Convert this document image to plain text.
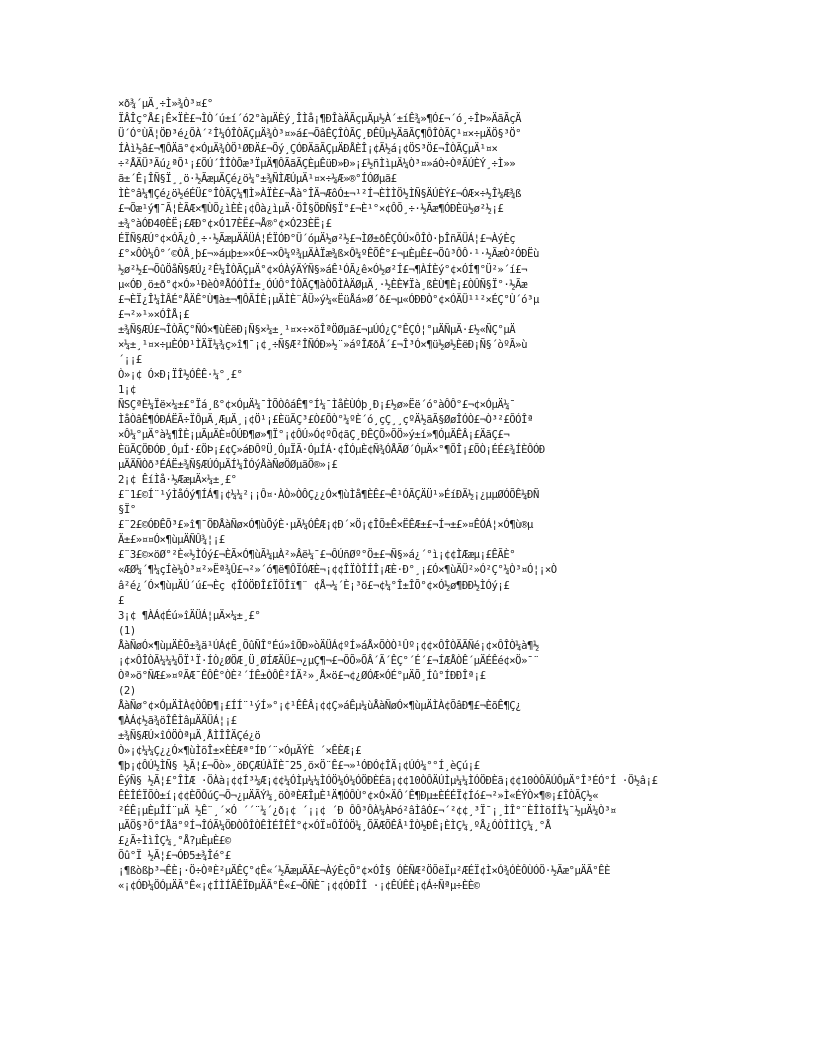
×ð¾´µÄ¸÷Ì»¾Ò³¤£°
ÏÂÎç°Å£¡Ê×ÏÈ£¬ÎÒ´ú±í´ó2°àµÄÈý¸ÎÌå¡¶ÐÎàÄÃçµÄµ½À´±íÊ¾»¶Ó£¬´ó¸÷ÎÞ»ÄãÃçÄ
Ü´Ó°ÙÃ¦ÖÐ³é¿ÕÀ´²Î¼ÓÎÒÃÇµÄ¾Ò³¤»á£¬ÕâÊÇÎÒÃÇ¸ÐÊÜµ½ÄãÃÇ¶ÔÎÒÃÇ¹¤×÷µÄÖ§³Ö°
ÍÀì½â£¬¶ÔÄã°¢×ÓµÄ¾ÒÖ¹ØÐÄ£¬Õý¸ÇÓÐÄãÃÇµÄÐÅÈÎ¡¢Ã½á¡¢ÖS³Ö£¬ÎÒÃÇµÄ¹¤×
÷²ÅÄÜ³Ãú¿ªÕ¹¡£ÕÚ´ÎÎÒÕæ³ÏµÄ¶ÔÃãÃÇÈµÊüÐ»Ð»¡£½ñÌìµÄ¼Ò³¤»áÒ÷ÒªÄÚÈÝ¸÷Ì»»
ã±´Ê¡ÎÑ§Ï¸¸ö·½ÃæµÄÇé¿ö¼°±¾ÑÌÆÚµÄ¹¤×÷¼Æ»®°ÍÓØµã£
ÌÈ°â¼¶Çé¿ö½éÉÜ£°ÎÒÃÇ¼¶Ì»ÀÏÈ£¬Åà°ÎÄ¬ÆôÓ±¬¹²Í¬ÈÌÌÖ½ÌÑ§ÄÚÈÝ£¬ÓÆ×÷½Î¼Æ¾ß
£¬Õæ¹ý¶¯Ã¦ÈÃÆ×¶ÙÕ¿ìÈÈ¡¢Ôà¿ìµÄ·ÕÎ§ÖÐÑ§Ï°£¬È¹°×¢ÔÕ¸÷·½Ãæ¶ÓÐÈü½ø²½¡£
±¾°àÓÐ40ÈË¡£ÆÐ°¢×Ó17ÈË£¬Å®°¢×Ó23ÈË¡£
ÉÏÑ§ÆÚ°¢×ÓÃ¿Ò¸÷·½ÃæµÄÄÜÁ¦ÉÏÓÐ°Ü´óµÄ½ø²½£¬ÌØ±ðÊÇÔÚ×ÔÎÒ·þÎñÄÜÁ¦£¬ÀýÈç
£°×ÔÒ¼Ô°´©ÒÂ¸þ£¬»áµþ±»×Ó£¬×Ô¼º¾µÄÀÏæ¾ß×Ô¼ºÊÕÊ°£¬µÈµÈ£¬Õû³ÔÔ·¹·½ÃæÒ²ÓÐËù
½ø²½£¬ÕûÖåÑ§ÆÚ¿²Ê¼ÎÒÃÇµÄ°¢×ÓÀýÄÝÑ§»áÊ¹ÓÃ¿ê×Ó½ø²Í£¬¶ÀÍÈý°¢×ÓÍ¶°Ü²»´í£¬
µ«ÓÐ¸ö±ð°¢×Ó»¹ÐèÒªÅÓÓÎÍ±¸ÓÚÔ°ÎÒÃÇ¶àÒÕÌÀÄØµÄ¸·½ÈÈ¥Ïà¸ßÈÙ¶È¡£ÒÛÑ§Ï°·½Ãæ
£¬ÈÏ¿Î¼ÌÂÉ°ÅÄÊ°Ù¶à±¬¶ÔÃÍÈ¡µÄÌÈ¨ÂÜ»ý¼«ËüÅá»Ø´ð£¬µ«ÓÐÐÒ°¢×ÓÄÜ¹¹²×ÉÇ°Ù´ó³µ
£¬²»¹»×ÓÎÅ¡£
±¾Ñ§ÆÚ£¬ÎÒÃÇ°ÑÓ×¶ùÈëÐ¡Ñ§×¼±¸¹¤×÷×öÎªÖØµã£¬µÚÓ¿Ç°ÊÇÓ¦°µÄÑµÄ·£½«ÑÇ°µÄ
×¼±¸¹¤×÷µÈÓÐ¹ÌÄÏ¼¾ç»î¶¯¡¢¸÷Ñ§Æ²ÎÑÓÐ»½¨»áºÎÆðÂ´£¬Î³Ó×¶ü½ø½ÈëÐ¡Ñ§´òºÃ»ù
´¡¡£
Ò»¡¢ Ó×Ð¡ÏÎ½ÓÊÊ·¼°¸£°
1¡¢
ÑSÇªÈ¼Ïë×¼±£°Ïá¸ß°¢×ÓµÄ¼¯ÌÕÒôáÊ¶°Í¼¯ÌåÈÙÓþ¸Ð¡£½ø»Ëë´ó°àÔÔ°£¬¢×ÓµÄ¼¯
ÌåÒâÊ¶ÓÐÁËÃ÷ÏÔµÄ¸ÆµÄ¸¡¢Ö¹¡£ÈüÃÇ³£Ò£ÕÒ°¼ºÈ´ó¸çÇ¸¸çºÄ½ãÃ§ØøÎÓÒ£¬Ò³²£ÕÓÎª
×Ô¼°µÄ°à¼¶ÎÈ¡µÃµÄÈ¤ÔÚÐ¶ø»¶Ï°¡¢ÔÚ»Ó¢ºÕ¢ãÇ¸ÐÊÇÕ»ÕÖ»ý±í»¶ÓµÄÊÂ¡£ÄãÇ£¬
ÈüÃÇÖÐÓÐ¸ÓµÍ·£ÖÞ¡£¢Ç»áÐÔºÜ¸ÓµÏÃ·ÓµÍÁ·¢ÎÓµÈ¢Ñ¾ÓÅÃØ´ÓµÄ×°¶ÕÎ¡£ÕÒ¡ÉÉ£¾ÍÈÔÓÐ
µÄÄÑÒð³ÉÁË±¾Ñ§ÆÚÓµÄÍ¼ÎÓýÅàÑøÖØµãÖ®»¡£
2¡¢ ÊíÌå·½ÆæµÄ×¼±¸£°
£¨1£©Í¨¹ýÌåÓý¶ÍÁ¶¡¢¼¼²¡¡Ô¤·ÀÒ»ÒÔÇ¿¿Ó×¶ùÌå¶ÈÊ£¬Ê¹ÓÃÇÄÜ¹»ÉíÐÄ½¡¿µµØÓÕÊ¼ÐÑ
§Ï°
£¨2£©ÓÐÊÕ³£»î¶¯ÖÐÅàÑø×Ó¶ùÕýÈ·µÄ¼ÓÊÆ¡¢Ð´×Ö¡¢ÎÕ±Ê×ËÊÆ±£¬Í¬±£»¤ÊÓÁ¦×Ó¶ù®µ
Ä±£»¤¤Ó×¶ùµÄÑÛ¾¦¡£
£¨3£©×öØ°²È«½ÌÓý£¬ÈÃ×Ó¶ùÃ¼µÀ²»Âë¼¯£¬ÔÚñØº°Ö±£¬Ñ§»á¿´°ì¡¢¢ÌÆæµ¡£ÊÃÈ°
«ÆØ¼´¶¼çÍè¼Ò³¤²»Ëª¾Û£¬²»´ó¶ë¶ÔÏÓÆÈ¬¡¢¢ÎÏÒÎÍÎ¡ÆÈ·Ð°¸¡£Ó×¶ùÄÜ²»Ó²Ç°¼Ò³¤Ó¦¡×Ò
â²é¿´Ó×¶ùµÄÚ´ú£¬Èç ¢ÎÓÖÐÎ£ÏÕÎï¶¨ ¢Å¬¼´È¡³ö£¬¢¼°Î±ÎÕ°¢×Ó½ø¶ÐÐ½ÌÓý¡£
£
3¡¢ ¶ÀÁ¢Éú»îÄÜÁ¦µÄ×¼±¸£°
(1)
ÅàÑøÓ×¶ùµÄÈÕ±¾ä¹ÚÁ¢Ê¸ÕûÑÎ°Éú»îÕÐ»òÄÜÁ¢ºÍ»áÅ×ÕÒÒ¹Ûº¡¢¢×ÔÎÒÄÃÑé¡¢×ÔÎÒ¼à¶½
¡¢×ÔÎÒÃ¼¼¼ÕÏ¹Ï·ÍÒ¿ØÖÆ¸Ü¸ØÍÆÄÜ£¬¿µÇ¶¬£¬ÕÕ»ÕÂ´Ã´ÊÇ°´É´£¬ÍÆÅÒÊ´µÄÉÊé¢×Ö»¯¨
Òª»ö°ÑÆ£»¤ºÃÆ¯ÊÔÊ°ÒÈ²´ÍÊ±ÒÔÊ²ÍÄ²»¸Å×ö£¬¢¿ØÓÆ×ÓÉ°µÄÕ¸Íû°ÍÐÐÎª¡£
(2)
ÅàÑø°¢×ÓµÄÌÀ¢ÒÔÐ¶¡£ÍÍ¨¹ýÍ»°¡¢¹ÊÊÂ¡¢¢Ç»áÊµ¼ùÅàÑøÓ×¶ùµÄÌÀ¢ÕâÐ¶£¬ÈõÊ¶Ç¿
¶ÀÁ¢½ã¾öÎÊÌâµÄÄÜÁ¦¡£
±¾Ñ§ÆÚ×îÓÖÒªµÄ¸ÅÌÎÎÄÇé¿ö
Ò»¡¢¼¼Ç¿¿Ó×¶ùÌõÎ±×ÈÈÆª°ÍÐ´¨×ÓµÄÝÈ ´×ÊÈÆ¡£
¶þ¡¢ÔÚ½ÌÑ§ ½Ã¦£¬Õò»¸öÐÇÆÚÀÏÈ¯25¸ö×Ö¨Ê£¬»¹ÓÐÓ¢ÎÄ¡¢ÚÓ¼°°Í¸èÇú¡£
ÊýÑ§ ½Ã¦£°ÎÌÆ ·ÖÀà¡¢¢Í³¼Æ¡¢¢¼ÓÌµ¼¼ÌÓÖ¼Ó¼ÓÖÐÈÉã¡¢¢10ÒÔÄÚÌµ¼¼ÌÓÖÐÈã¡¢¢10ÒÔÄÚÔµÄ°Î³ÉÓ°Í ·Ö½â¡£
ÊÈÎÉÏÕÒ±í¡¢¢ÈÕÔúÇ¬Õ¬¿µÄÃÝ¼¸öÒªÈÆÎµÈ¹Ä¶ÓÔÙ°¢×Ó×ÄÔ´Ê¶Ðµ±ÈÉÉÏ¢Íó£¬²»Ì«ÉÝÒ×¶®¡£ÎÒÃÇ½«
²ÉÊ¡µÈµÎÍ¨µÄ ½Ê¨¸´×Ó ´´¨¼´¿ð¡¢ ´¡¡¢ ´Ð ÔÔ³ÔÀ¼ÀÞó²âÌâÓ£¬´²¢¢¸³Ï¯¡¸ÌÎ°¨ÈÎÌöÍÎ¼¯½µÄ¼Ò³¤
µÄÖ§³Ö°ÍÅä°ºÍ¬ÎÓÃ¼ÖÐÒÔÎÒÊÌÉÎÊÎ°¢×ÓÏ¤ÔÏÓÖ¼¸ÕÄÆÕÊÂ¹ÎÒ½ÐÊ¡ÈÌÇ¼¸ºÅ¿ÓÒÎÌÌÇ¼¸°Å
£¿Ã÷ÌìÎÇ¼¸°Å?µÈµÈ£©
Õû°Ï ½Ã¦£¬ÓÐ5±¾Îé°£
¡¶ßòßþ³¬ÊÈ¡·Ö÷ÒªÈ²µÄÊÇ°¢Ê«´½ÃæµÄÃ£¬ÀýÈçÕ°¢×ÓÎ§ ÓÈÑÆ²ÖÕëÏµ²ÆÉÏ¢Ì×Ó¾ÓÈÔÙÓÖ·½Ãæ°µÄÃ°ÊÈ
«¡¢ÓÐ¼ÖÓµÄÃ°Ê«¡¢ÍÌÍÃÊÏÐµÄÃ°Ê«£¬ÖÑÈ¯¡¢¢ÓÐÎÎ ·¡¢ÊÚÊÈ¡¢Á÷Ñªµ÷ÈÈ©
